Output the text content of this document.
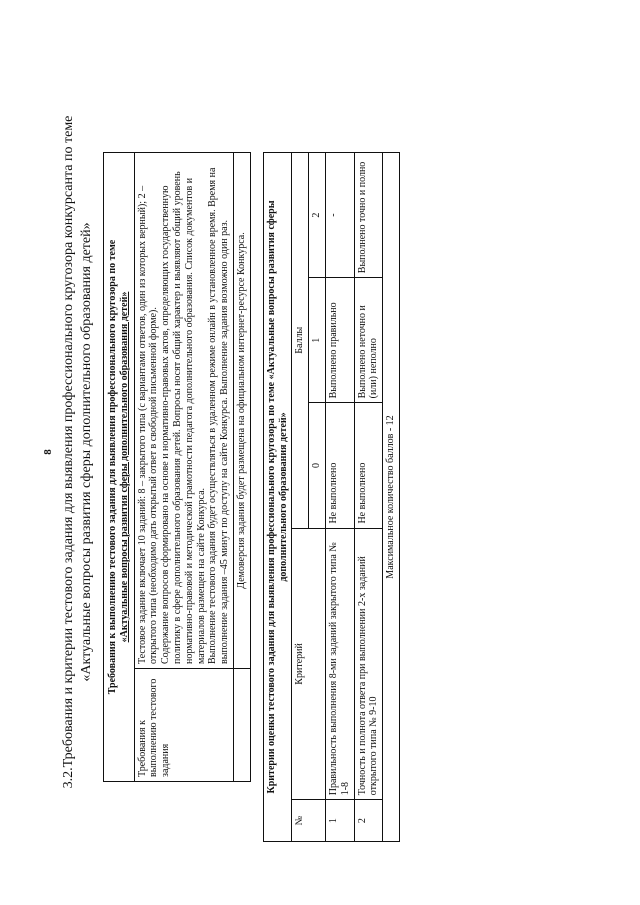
8 3.2.Требования и критерии тестового задания для выявления профессионального кругозора конкурсанта по теме «Актуальные вопросы развития сферы дополнительного образования детей» Требования к выполнению тестового задания для выявления профессионального кругозора по теме «Актуальные вопросы развития сферы дополнительного образования детей»	

Требования к выполнению тестового задания	Тестовое задание включает 10 заданий: 8 – закрытого типа (с вариантами ответов, один из которых верный); 2 – открытого типа (необходимо дать открытый ответ в свободной письменной форме). Содержание вопросов сформировано на основе и нормативно-правовых актов, определяющих государственную политику в сфере дополнительного образования детей. Вопросы носят общий характер и выявляют общий уровень нормативно-правовой и методической грамотности педагога дополнительного образования. Список документов и материалов размещен на сайте Конкурса. Выполнение тестового задания будет осуществляться в удаленном режиме онлайн в установленное время. Время на выполнение задания –45 минут по доступу на сайте Конкурса. Выполнение задания возможно один раз.

	Демоверсия задания будет размещена на официальном интернет-ресурсе Конкурса. Критерии оценки тестового задания для выявления профессионального кругозора по теме «Актуальные вопросы развития сферы дополнительного образования детей»				

№	Критерий	Баллы		
		0	1	2
1	Правильность выполнения 8-ми заданий закрытого типа № 1-8	Не выполнено	Выполнено правильно	-
2	Точность и полнота ответа при выполнении 2-х заданий открытого типа № 9-10	Не выполнено	Выполнено неточно и (или) неполно	Выполнено точно и полно
Максимальное количество баллов - 12				
